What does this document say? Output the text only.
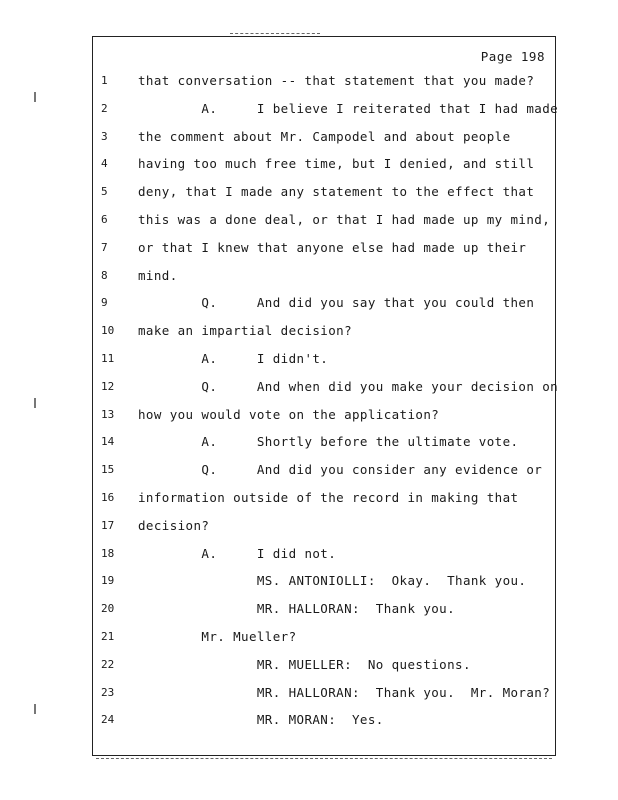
Page 198
1	that conversation -- that statement that you made?
2	A.     I believe I reiterated that I had made
3	the comment about Mr. Campodel and about people
4	having too much free time, but I denied, and still
5	deny, that I made any statement to the effect that
6	this was a done deal, or that I had made up my mind,
7	or that I knew that anyone else had made up their
8	mind.
9	Q.     And did you say that you could then
10	make an impartial decision?
11	A.     I didn't.
12	Q.     And when did you make your decision on
13	how you would vote on the application?
14	A.     Shortly before the ultimate vote.
15	Q.     And did you consider any evidence or
16	information outside of the record in making that
17	decision?
18	A.     I did not.
19	MS. ANTONIOLLI:  Okay.  Thank you.
20	MR. HALLORAN:  Thank you.
21	Mr. Mueller?
22	MR. MUELLER:  No questions.
23	MR. HALLORAN:  Thank you.  Mr. Moran?
24	MR. MORAN:  Yes.
